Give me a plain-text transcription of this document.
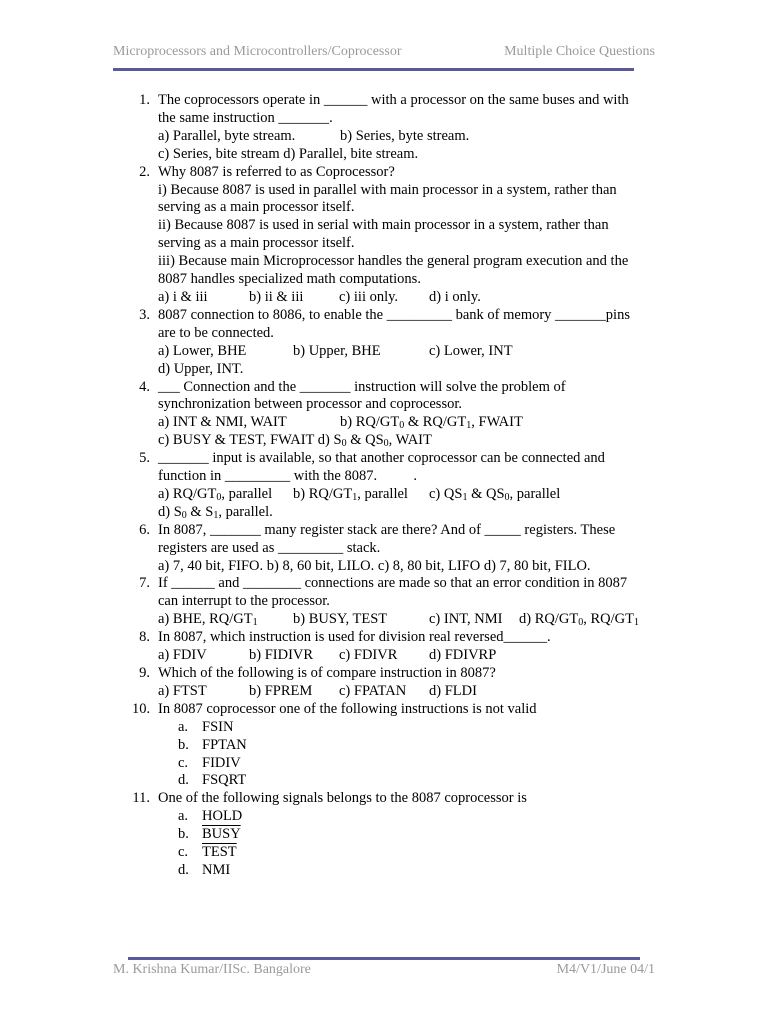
Microprocessors and Microcontrollers/Coprocessor	Multiple Choice Questions
1. The coprocessors operate in ______ with a processor on the same buses and with
the same instruction _______.
a) Parallel, byte stream.	b) Series, byte stream.
c) Series, bite stream d) Parallel, bite stream.
2. Why 8087 is referred to as Coprocessor?
i) Because 8087 is used in parallel with main processor in a system, rather than
serving as a main processor itself.
ii) Because 8087 is used in serial with main processor in a system, rather than
serving as a main processor itself.
iii) Because main Microprocessor handles the general program execution and the
8087 handles specialized math computations.
a) i & iii	b) ii & iii	c) iii only.	d) i only.
3. 8087 connection to 8086, to enable the _________ bank of memory _______pins
are to be connected.
a) Lower, BHE	b) Upper, BHE	c) Lower, INT
d) Upper, INT.
4. ___ Connection and the _______ instruction will solve the problem of
synchronization between processor and coprocessor.
a) INT & NMI, WAIT	b) $RQ/GT_0$ & $RQ/GT_1$, FWAIT
c) BUSY & TEST, FWAIT d) $S_0$ & $QS_0$, WAIT
5. _______ input is available, so that another coprocessor can be connected and
function in _________ with the 8087.          .
a) $RQ/GT_0$, parallel	b) $RQ/GT_1$, parallel	c) $QS_1$ & $QS_0$, parallel
d) $S_0$ & $S_1$, parallel.
6. In 8087, _______ many register stack are there? And of _____ registers. These
registers are used as _________ stack.
a) 7, 40 bit, FIFO. b) 8, 60 bit, LILO. c) 8, 80 bit, LIFO d) 7, 80 bit, FILO.
7. If ______ and ________ connections are made so that an error condition in 8087
can interrupt to the processor.
a) BHE, $RQ/GT_1$	b) BUSY, TEST	c) INT, NMI	d) $RQ/GT_0$, $RQ/GT_1$
8. In 8087, which instruction is used for division real reversed______.
a) FDIV	b) FIDIVR	c) FDIVR	d) FDIVRP
9. Which of the following is of compare instruction in 8087?
a) FTST	b) FPREM	c) FPATAN	d) FLDI
10. In 8087 coprocessor one of the following instructions is not valid
a. FSIN
b. FPTAN
c. FIDIV
d. FSQRT
11. One of the following signals belongs to the 8087 coprocessor is
a. HOLD
b. BUSY
c. TEST
d. NMI
M. Krishna Kumar/IISc. Bangalore	M4/V1/June 04/1
